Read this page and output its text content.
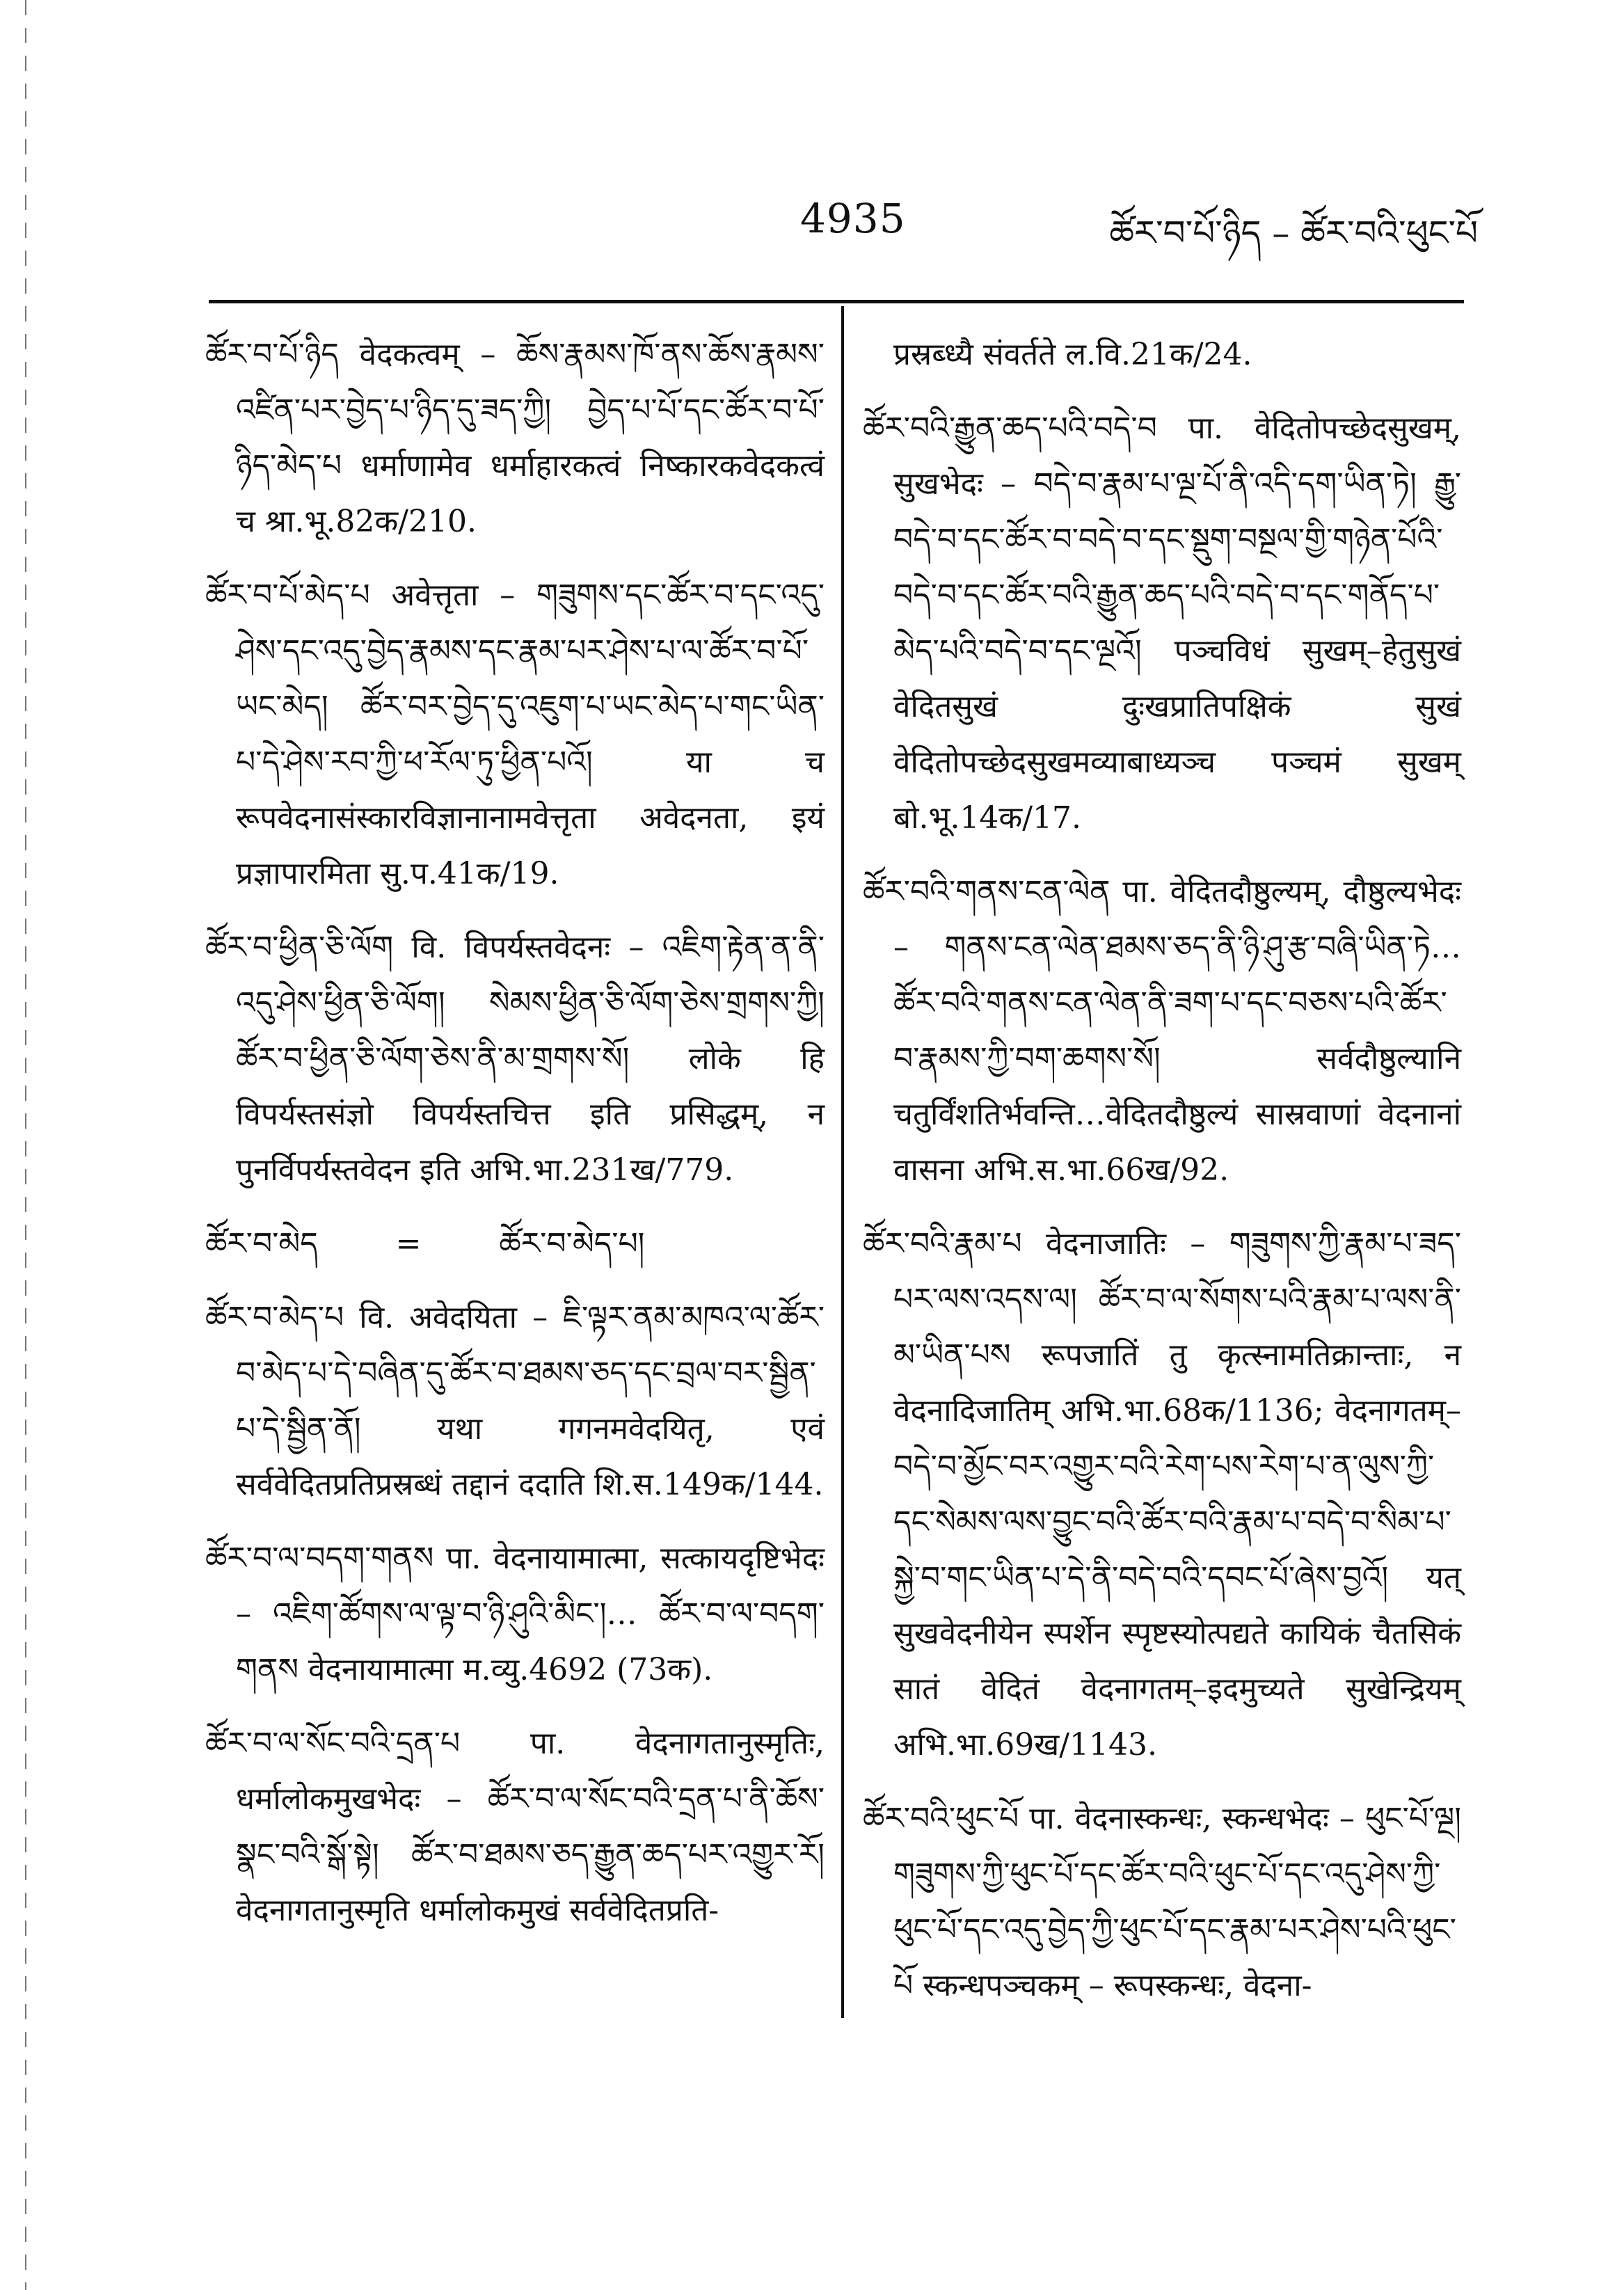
4935	ཚོར་བ་པོ་ཉིད – ཚོར་བའི་ཕུང་པོ

ཚོར་བ་པོ་ཉིད वेदकत्वम् – ཆོས་རྣམས་ཁོ་ནས་ཆོས་རྣམས་འཛིན་པར་བྱེད་པ་ཉིད་དུ་ཟད་ཀྱི། བྱེད་པ་པོ་དང་ཚོར་བ་པོ་ཉིད་མེད་པ धर्माणामेव धर्माहारकत्वं निष्कारकवेदकत्वं च श्रा.भू.82क/210.

ཚོར་བ་པོ་མེད་པ अवेत्तृता – གཟུགས་དང་ཚོར་བ་དང་འདུ་ཤེས་དང་འདུ་བྱེད་རྣམས་དང་རྣམ་པར་ཤེས་པ་ལ་ཚོར་བ་པོ་ཡང་མེད། ཚོར་བར་བྱེད་དུ་འཇུག་པ་ཡང་མེད་པ་གང་ཡིན་པ་དེ་ཤེས་རབ་ཀྱི་ཕ་རོལ་ཏུ་ཕྱིན་པའོ། या च रूपवेदनासंस्कारविज्ञानानामवेत्तृता अवेदनता, इयं प्रज्ञापारमिता सु.प.41क/19.

ཚོར་བ་ཕྱིན་ཅི་ལོག वि. विपर्यस्तवेदनः – འཇིག་རྟེན་ན་ནི་འདུ་ཤེས་ཕྱིན་ཅི་ལོག། སེམས་ཕྱིན་ཅི་ལོག་ཅེས་གྲགས་ཀྱི། ཚོར་བ་ཕྱིན་ཅི་ལོག་ཅེས་ནི་མ་གྲགས་སོ། लोके हि विपर्यस्तसंज्ञो विपर्यस्तचित्त इति प्रसिद्धम्, न पुनर्विपर्यस्तवेदन इति अभि.भा.231ख/779.

ཚོར་བ་མེད        =        ཚོར་བ་མེད་པ།

ཚོར་བ་མེད་པ वि. अवेदयिता – ཇི་ལྟར་ནམ་མཁའ་ལ་ཚོར་བ་མེད་པ་དེ་བཞིན་དུ་ཚོར་བ་ཐམས་ཅད་དང་བྲལ་བར་སྦྱིན་པ་དེ་སྦྱིན་ནོ། यथा गगनमवेदयितृ, एवं सर्ववेदितप्रतिप्रस्रब्धं तद्दानं ददाति शि.स.149क/144.

ཚོར་བ་ལ་བདག་གནས पा. वेदनायामात्मा, सत्कायदृष्टिभेदः – འཇིག་ཚོགས་ལ་ལྟ་བ་ཉི་ཤུའི་མིང་།… ཚོར་བ་ལ་བདག་གནས वेदनायामात्मा म.व्यु.4692 (73क).

ཚོར་བ་ལ་སོང་བའི་དྲན་པ पा. वेदनागतानुस्मृतिः, धर्मालोकमुखभेदः – ཚོར་བ་ལ་སོང་བའི་དྲན་པ་ནི་ཆོས་སྣང་བའི་སྒོ་སྟེ། ཚོར་བ་ཐམས་ཅད་རྒྱུན་ཆད་པར་འགྱུར་རོ། वेदनागतानुस्मृति धर्मालोकमुखं सर्ववेदितप्रति-

प्रस्रब्ध्यै संवर्तते ल.वि.21क/24.

ཚོར་བའི་རྒྱུན་ཆད་པའི་བདེ་བ पा. वेदितोपच्छेदसुखम्, सुखभेदः – བདེ་བ་རྣམ་པ་ལྔ་པོ་ནི་འདི་དག་ཡིན་ཏེ། རྒྱུ་བདེ་བ་དང་ཚོར་བ་བདེ་བ་དང་སྡུག་བསྔལ་གྱི་གཉེན་པོའི་བདེ་བ་དང་ཚོར་བའི་རྒྱུན་ཆད་པའི་བདེ་བ་དང་གནོད་པ་མེད་པའི་བདེ་བ་དང་ལྔའོ། पञ्चविधं सुखम्–हेतुसुखं वेदितसुखं दुःखप्रातिपक्षिकं सुखं वेदितोपच्छेदसुखमव्याबाध्यञ्च पञ्चमं सुखम् बो.भू.14क/17.

ཚོར་བའི་གནས་ངན་ལེན पा. वेदितदौष्ठुल्यम्, दौष्ठुल्यभेदः – གནས་ངན་ལེན་ཐམས་ཅད་ནི་ཉི་ཤུ་རྩ་བཞི་ཡིན་ཏེ… ཚོར་བའི་གནས་ངན་ལེན་ནི་ཟག་པ་དང་བཅས་པའི་ཚོར་བ་རྣམས་ཀྱི་བག་ཆགས་སོ། सर्वदौष्ठुल्यानि चतुर्विंशतिर्भवन्ति…वेदितदौष्ठुल्यं सास्रवाणां वेदनानां वासना अभि.स.भा.66ख/92.

ཚོར་བའི་རྣམ་པ वेदनाजातिः – གཟུགས་ཀྱི་རྣམ་པ་ཟད་པར་ལས་འདས་ལ། ཚོར་བ་ལ་སོགས་པའི་རྣམ་པ་ལས་ནི་མ་ཡིན་པས रूपजातिं तु कृत्स्नामतिक्रान्ताः, न वेदनादिजातिम् अभि.भा.68क/1136; वेदनागतम्–བདེ་བ་མྱོང་བར་འགྱུར་བའི་རེག་པས་རེག་པ་ན་ལུས་ཀྱི་དང་སེམས་ལས་བྱུང་བའི་ཚོར་བའི་རྣམ་པ་བདེ་བ་སིམ་པ་སྐྱེ་བ་གང་ཡིན་པ་དེ་ནི་བདེ་བའི་དབང་པོ་ཞེས་བྱའོ། यत् सुखवेदनीयेन स्पर्शेन स्पृष्टस्योत्पद्यते कायिकं चैतसिकं सातं वेदितं वेदनागतम्–इदमुच्यते सुखेन्द्रियम् अभि.भा.69ख/1143.

ཚོར་བའི་ཕུང་པོ पा. वेदनास्कन्धः, स्कन्धभेदः – ཕུང་པོ་ལྔ། གཟུགས་ཀྱི་ཕུང་པོ་དང་ཚོར་བའི་ཕུང་པོ་དང་འདུ་ཤེས་ཀྱི་ཕུང་པོ་དང་འདུ་བྱེད་ཀྱི་ཕུང་པོ་དང་རྣམ་པར་ཤེས་པའི་ཕུང་པོ स्कन्धपञ्चकम् – रूपस्कन्धः, वेदना-
